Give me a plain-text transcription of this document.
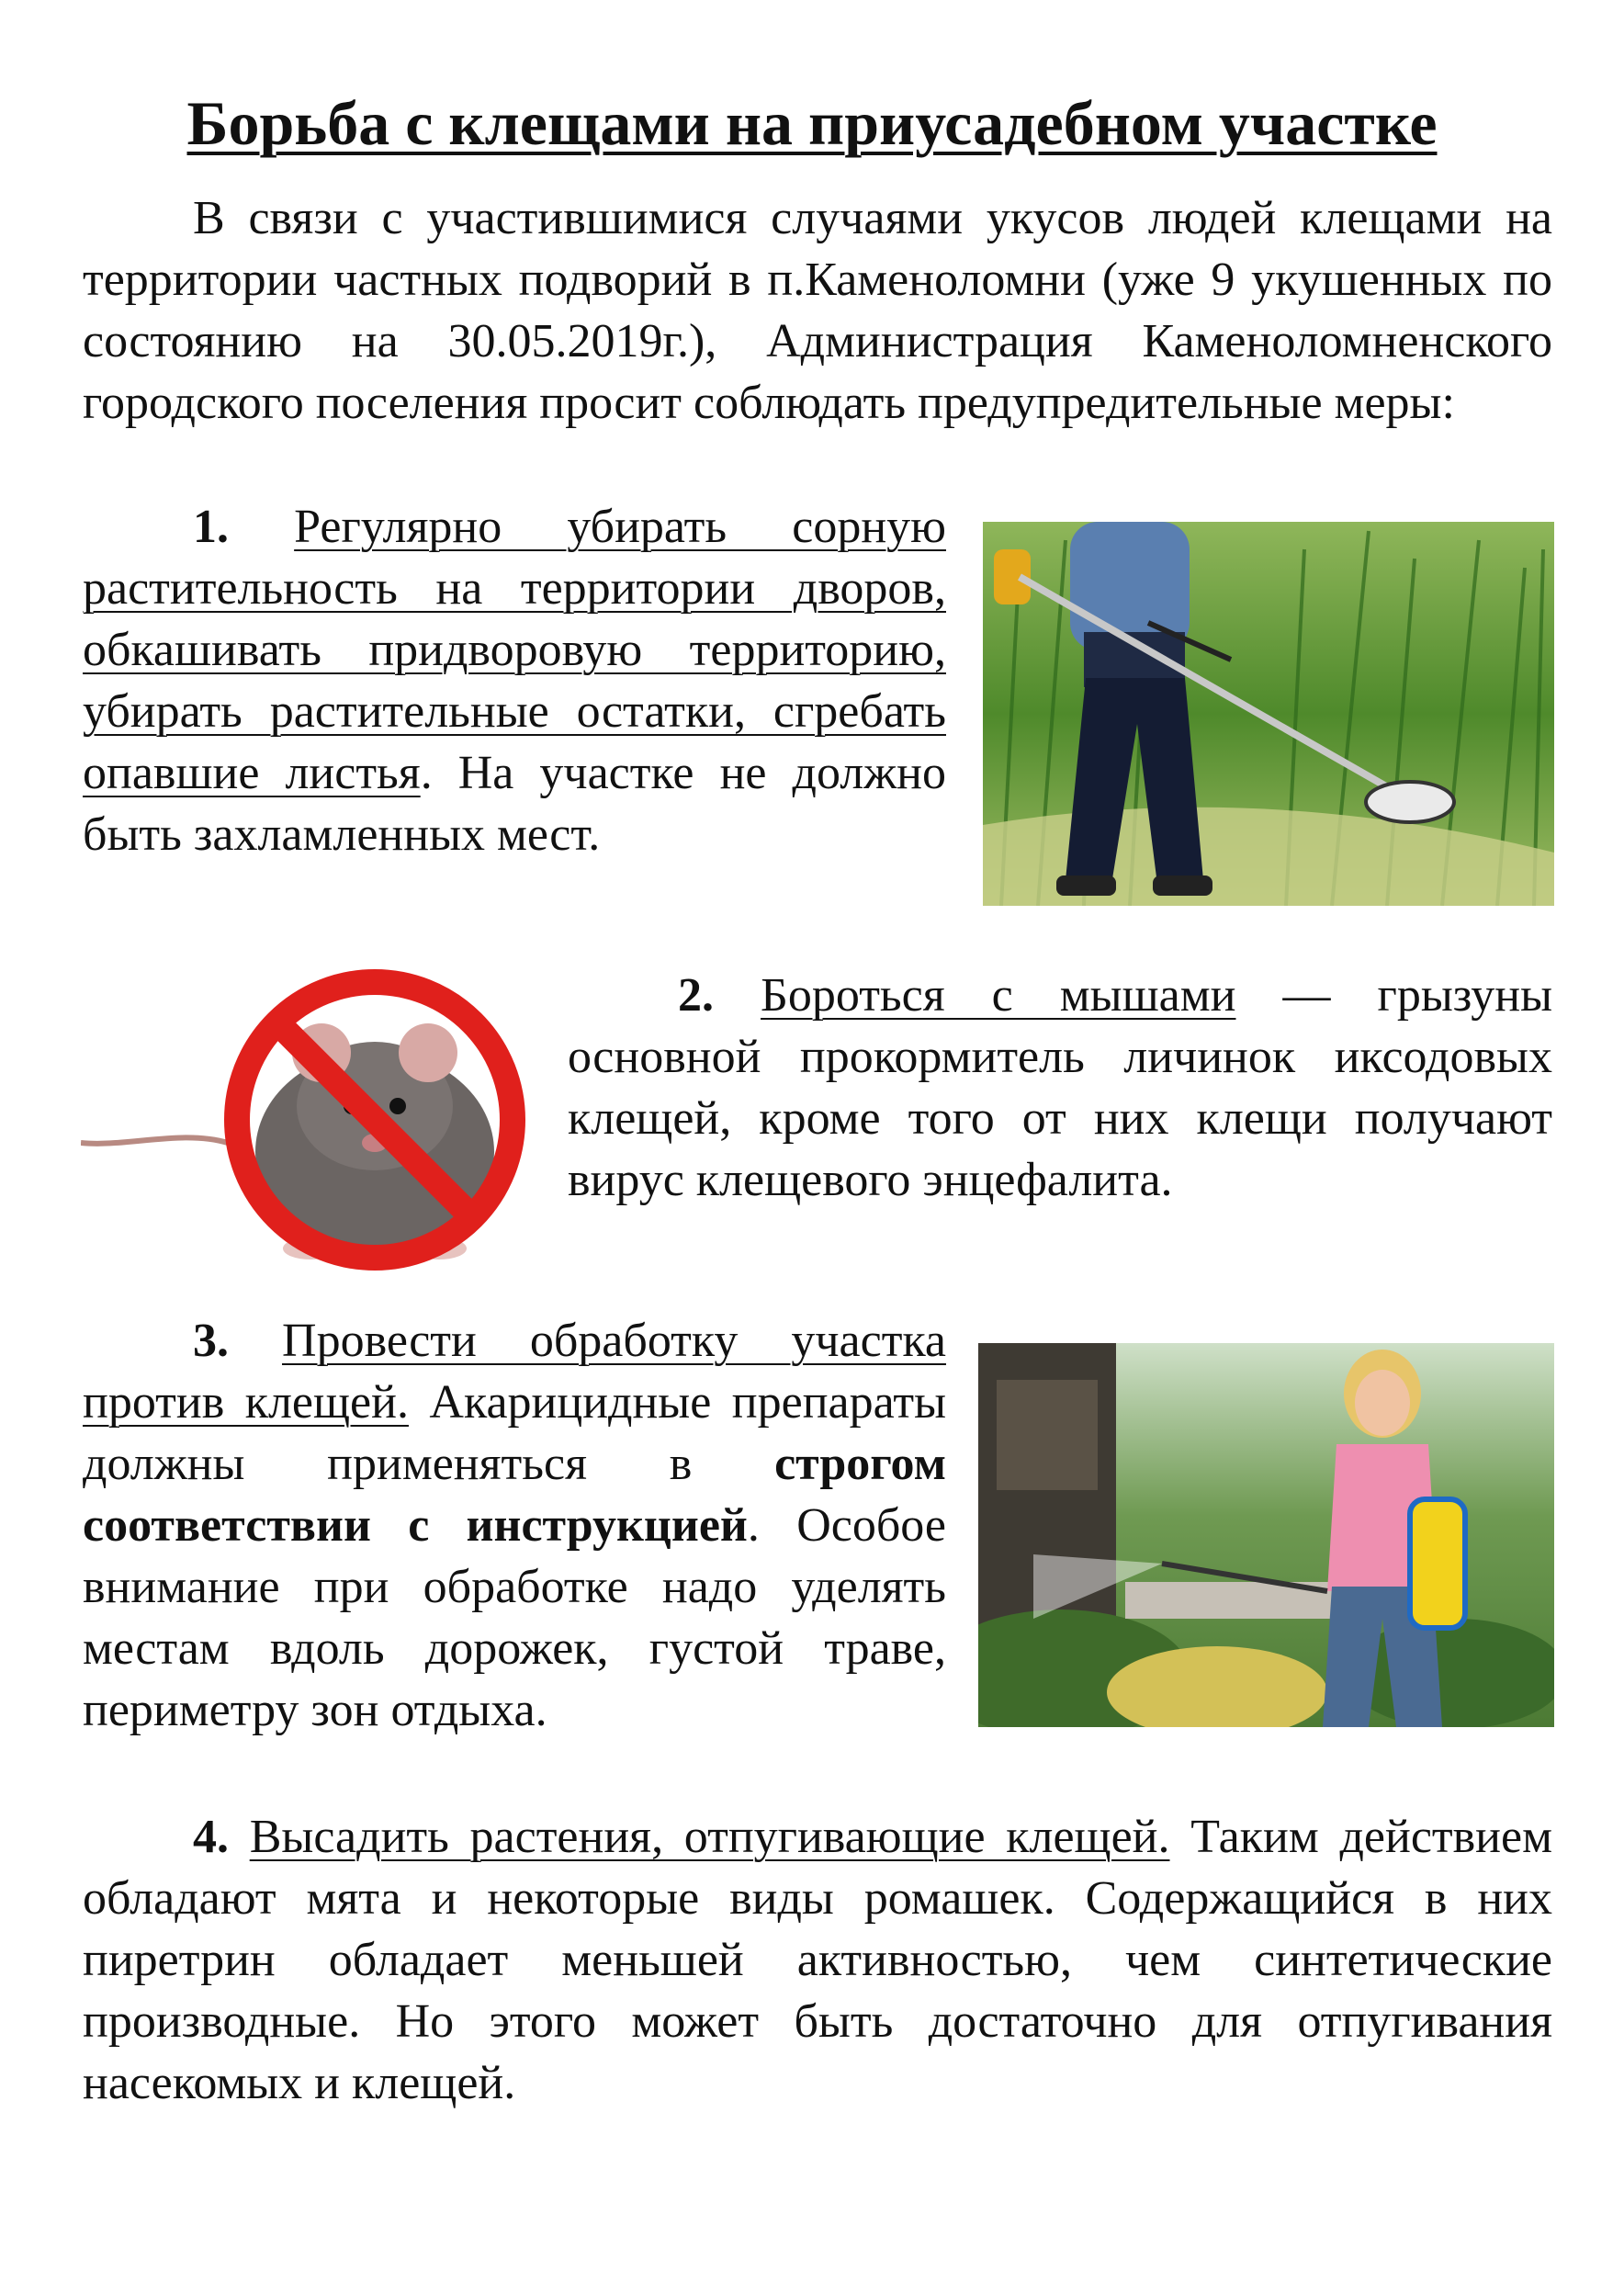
Борьба с клещами на приусадебном участке
В связи с участившимися случаями укусов людей клещами на территории частных подворий в п.Каменоломни (уже 9 укушенных по состоянию на 30.05.2019г.), Администрация Каменоломненского городского поселения просит соблюдать предупредительные меры:
1. Регулярно убирать сорную растительность на территории дворов, обкашивать придворовую территорию, убирать растительные остатки, сгребать опавшие листья. На участке не должно быть захламленных мест.
2. Бороться с мышами — грызуны основной прокормитель личинок иксодовых клещей, кроме того от них клещи получают вирус клещевого энцефалита.
3. Провести обработку участка против клещей. Акарицидные препараты должны применяться в строгом соответствии с инструкцией. Особое внимание при обработке надо уделять местам вдоль дорожек, густой траве, периметру зон отдыха.
4. Высадить растения, отпугивающие клещей. Таким действием обладают мята и некоторые виды ромашек. Содержащийся в них пиретрин обладает меньшей активностью, чем синтетические производные. Но этого может быть достаточно для отпугивания насекомых и клещей.
